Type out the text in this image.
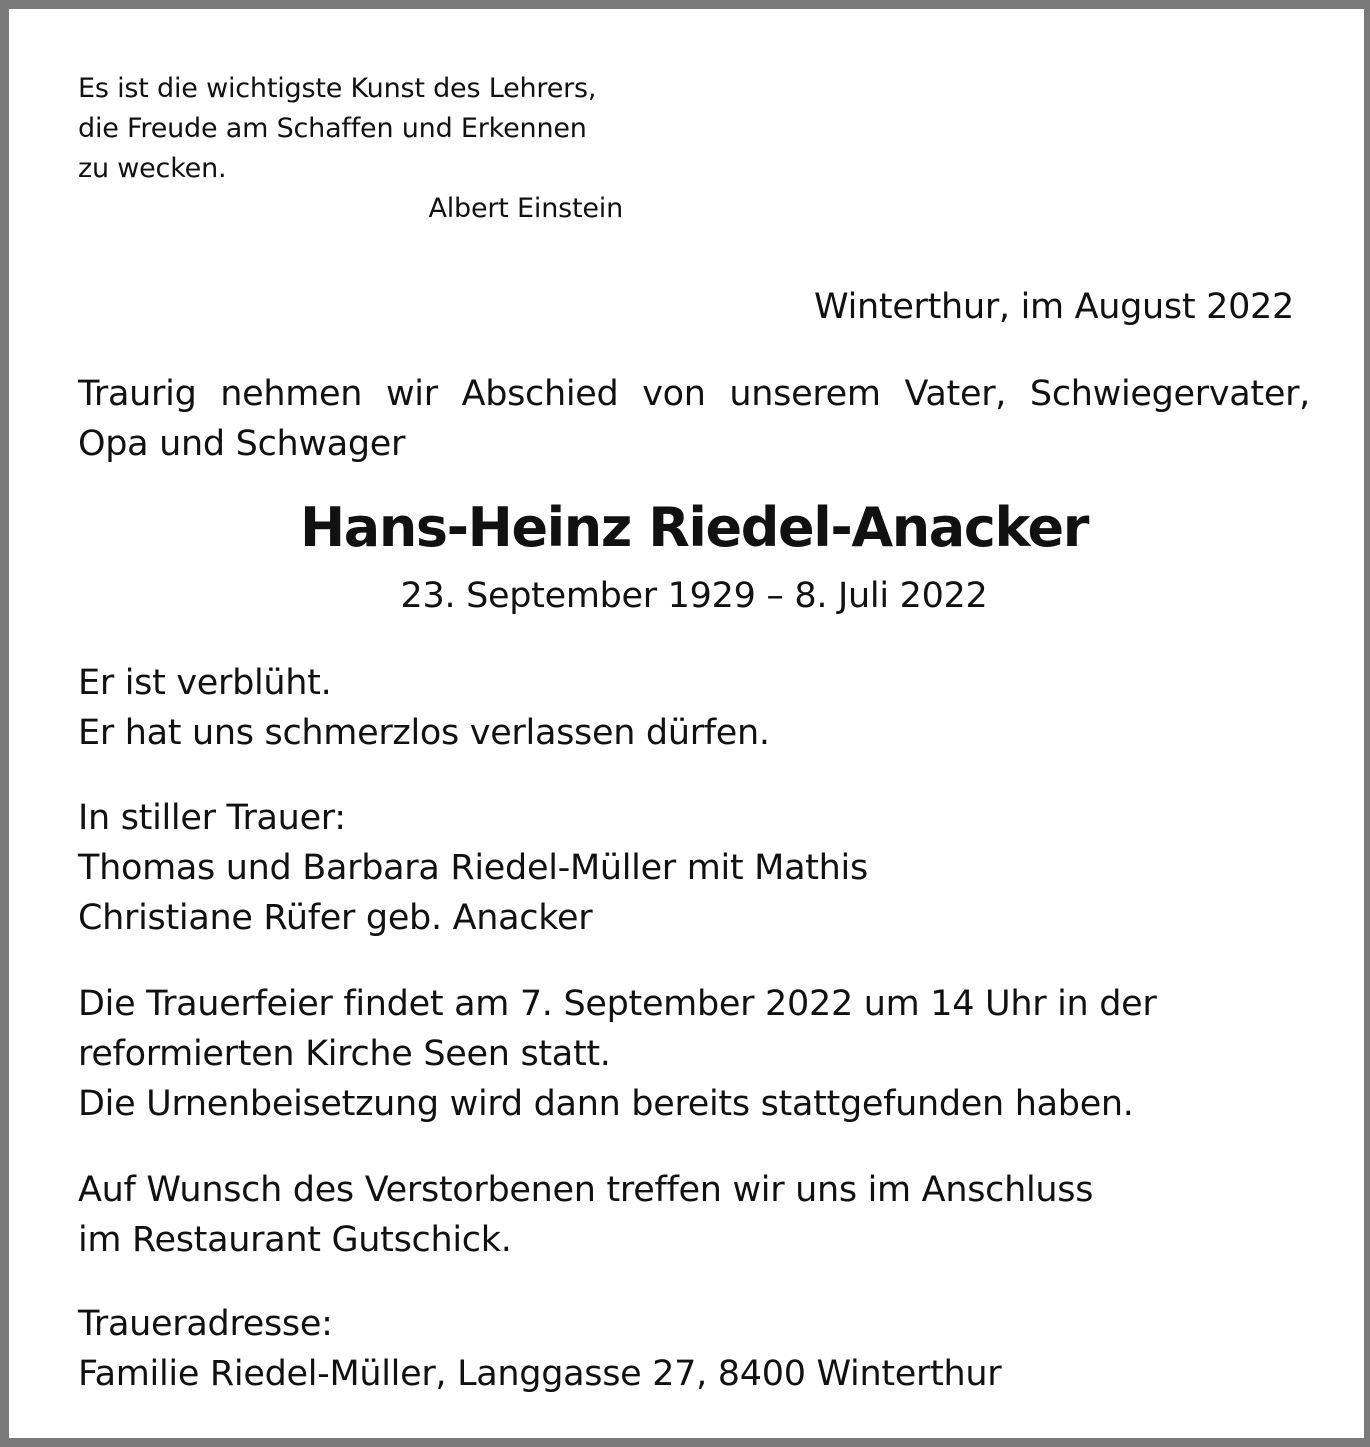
Es ist die wichtigste Kunst des Lehrers,
die Freude am Schaffen und Erkennen
zu wecken.
Albert Einstein
Winterthur, im August 2022
Traurig nehmen wir Abschied von unserem Vater, Schwiegervater,
Opa und Schwager
Hans-Heinz Riedel-Anacker
23. September 1929 – 8. Juli 2022
Er ist verblüht.
Er hat uns schmerzlos verlassen dürfen.
In stiller Trauer:
Thomas und Barbara Riedel-Müller mit Mathis
Christiane Rüfer geb. Anacker
Die Trauerfeier findet am 7. September 2022 um 14 Uhr in der
reformierten Kirche Seen statt.
Die Urnenbeisetzung wird dann bereits stattgefunden haben.
Auf Wunsch des Verstorbenen treffen wir uns im Anschluss
im Restaurant Gutschick.
Traueradresse:
Familie Riedel-Müller, Langgasse 27, 8400 Winterthur
